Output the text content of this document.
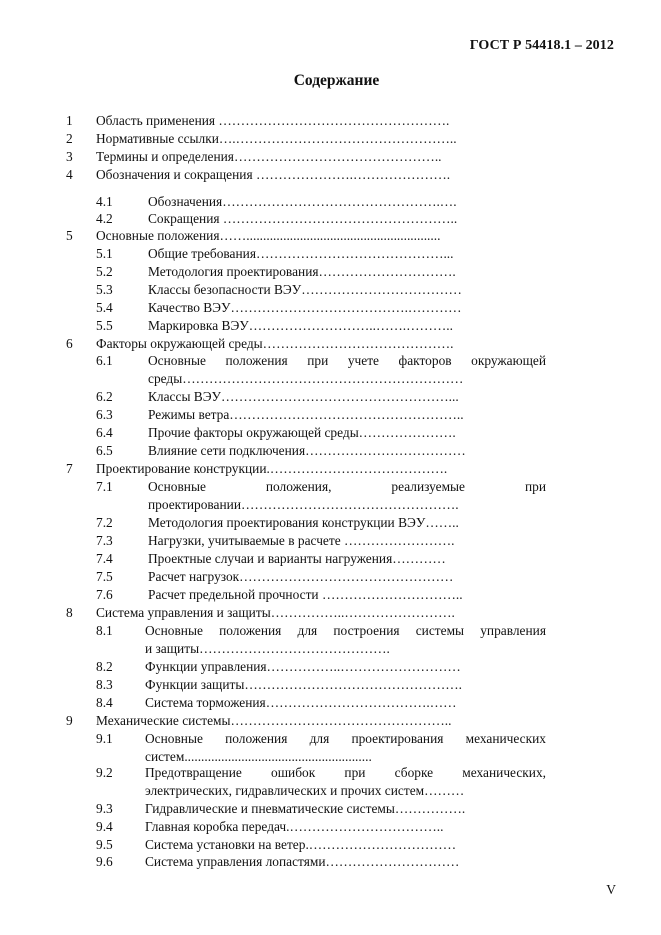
ГОСТ Р 54418.1 – 2012
Содержание
1 Область применения …………………………………………….
2 Нормативные ссылки….…………………………………………..
3 Термины и определения………………………………………..
4 Обозначения и сокращения ………………….………………….
4.1	Обозначения………………………………………….….
4.2	Сокращения ……………………………………………..
5 Основные положения……..........................................................
5.1	Общие требования……………………………………...
5.2	Методология проектирования………………………….
5.3	Классы безопасности ВЭУ………………………………
5.4	Качество ВЭУ………………………………….…………
5.5	Маркировка ВЭУ………………………..…….………..
6 Факторы окружающей среды…………………………………….
6.1	Основные положения при учете факторов окружающей
среды………………………………………………………
6.2	Классы ВЭУ……………………………………………...
6.3	Режимы ветра……………………………………………..
6.4	Прочие факторы окружающей среды………………….
6.5	Влияние сети подключения………………………………
7 Проектирование конструкции.………………………………….
7.1	Основные положения, реализуемые при
проектировании………………………………………….
7.2	Методология проектирования конструкции ВЭУ……..
7.3	Нагрузки, учитываемые в расчете …………………….
7.4	Проектные случаи и варианты нагружения…………
7.5	Расчет нагрузок…………………………………………
7.6	Расчет предельной прочности …………………………..
8 Система управления и защиты……………..…………………….
8.1 Основные положения для построения системы управления
и защиты…………………………………….
8.2 Функции управления……………..………………………
8.3 Функции защиты………………………………………….
8.4 Система торможения……………………………….……
9 Механические системы…………………………………………..
9.1 Основные положения для проектирования механических
систем........................................................
9.2 Предотвращение ошибок при сборке механических,
электрических, гидравлических и прочих систем………
9.3 Гидравлические и пневматические системы…………….
9.4 Главная коробка передач.……………………………..
9.5 Система установки на ветер.……………………………
9.6 Система управления лопастями…………………………
V
